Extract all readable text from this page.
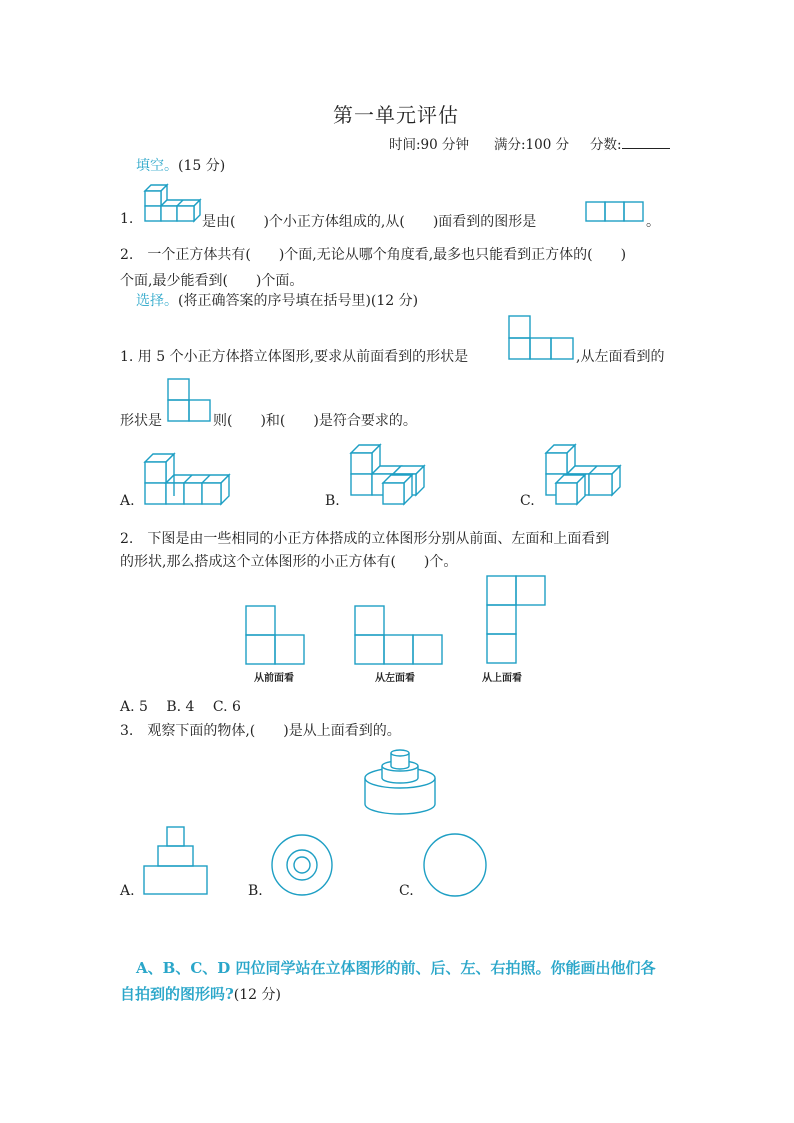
第一单元评估
时间:90 分钟 满分:100 分 分数:
填空。(15 分)
1.	是由(　　)个小正方体组成的,从(　　)面看到的图形是	。
2.　一个正方体共有(　　)个面,无论从哪个角度看,最多也只能看到正方体的(　　)
个面,最少能看到(　　)个面。
选择。(将正确答案的序号填在括号里)(12 分)
1. 用 5 个小正方体搭立体图形,要求从前面看到的形状是	,从左面看到的
形状是	则(　　)和(　　)是符合要求的。
A.	B.	C.
2.　下图是由一些相同的小正方体搭成的立体图形分别从前面、左面和上面看到
的形状,那么搭成这个立体图形的小正方体有(　　)个。
从前面看	从左面看	从上面看
A. 5　 B. 4　 C. 6
3.　观察下面的物体,(　　)是从上面看到的。
A.	B.	C.
A、B、C、D 四位同学站在立体图形的前、后、左、右拍照。你能画出他们各
自拍到的图形吗?(12 分)
